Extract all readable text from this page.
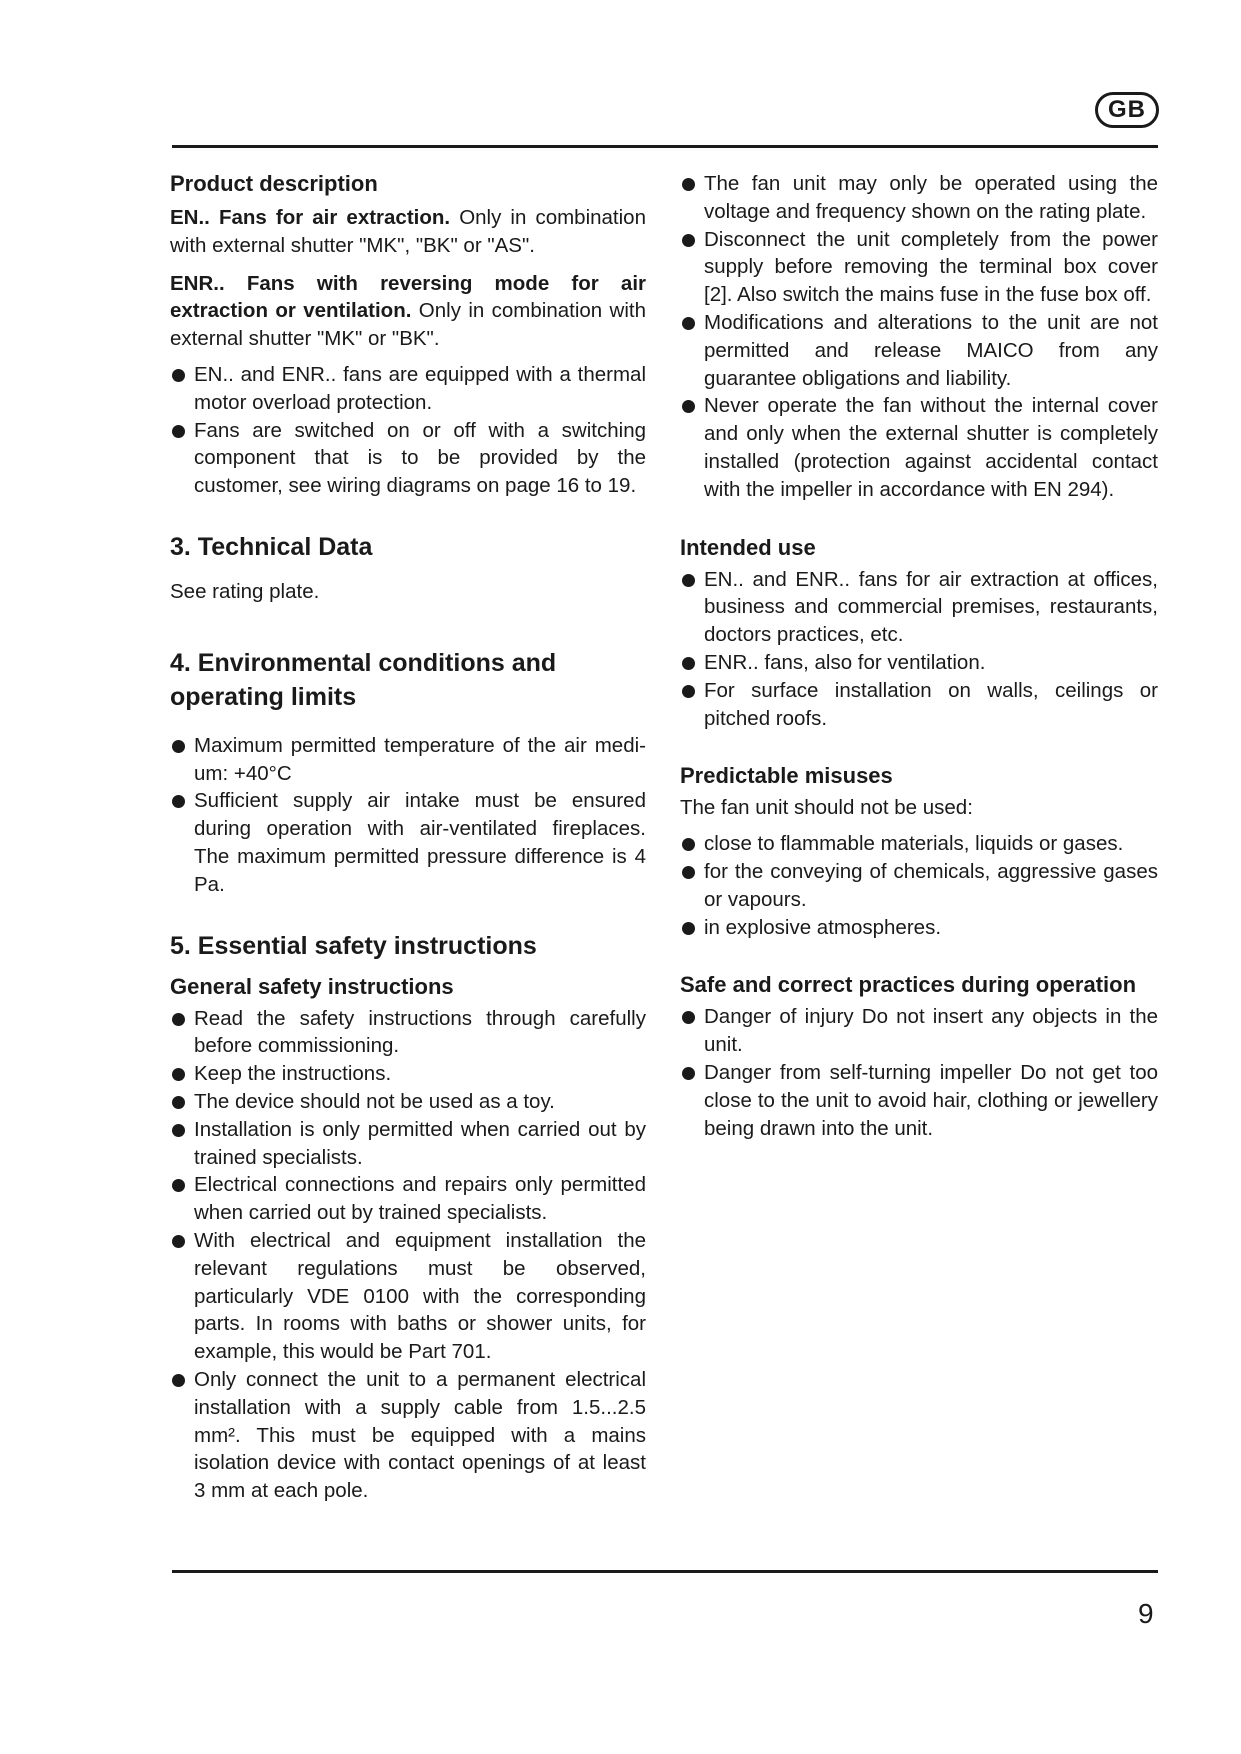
GB
Product description

EN.. Fans for air extraction. Only in combination with external shutter "MK", "BK" or "AS".

ENR.. Fans with reversing mode for air extraction or ventilation. Only in combination with external shutter "MK" or "BK".

EN.. and ENR.. fans are equipped with a thermal motor overload protection.
Fans are switched on or off with a switching component that is to be provided by the customer, see wiring diagrams on page 16 to 19.
3. Technical Data

See rating plate.

4. Environmental conditions and
operating limits
Maximum permitted temperature of the air medi-um: +40°C
Sufficient supply air intake must be ensured during operation with air-ventilated fireplaces. The maximum permitted pressure difference is 4 Pa.
5. Essential safety instructions
General safety instructions
Read the safety instructions through carefully before commissioning.
Keep the instructions.
The device should not be used as a toy.
Installation is only permitted when carried out by trained specialists.
Electrical connections and repairs only permitted when carried out by trained specialists.
With electrical and equipment installation the relevant regulations must be observed, particularly VDE 0100 with the corresponding parts. In rooms with baths or shower units, for example, this would be Part 701.
Only connect the unit to a permanent electrical installation with a supply cable from 1.5...2.5 mm². This must be equipped with a mains isolation device with contact openings of at least 3 mm at each pole.
The fan unit may only be operated using the voltage and frequency shown on the rating plate.
Disconnect the unit completely from the power supply before removing the terminal box cover [2]. Also switch the mains fuse in the fuse box off.
Modifications and alterations to the unit are not permitted and release MAICO from any guarantee obligations and liability.
Never operate the fan without the internal cover and only when the external shutter is completely installed (protection against accidental contact with the impeller in accordance with EN 294).
Intended use
EN.. and ENR.. fans for air extraction at offices, business and commercial premises, restaurants, doctors practices, etc.
ENR.. fans, also for ventilation.
For surface installation on walls, ceilings or pitched roofs.
Predictable misuses

The fan unit should not be used:

close to flammable materials, liquids or gases.
for the conveying of chemicals, aggressive gases or vapours.
in explosive atmospheres.
Safe and correct practices during operation
Danger of injury Do not insert any objects in the unit.
Danger from self-turning impeller Do not get too close to the unit to avoid hair, clothing or jewellery being drawn into the unit.
9
